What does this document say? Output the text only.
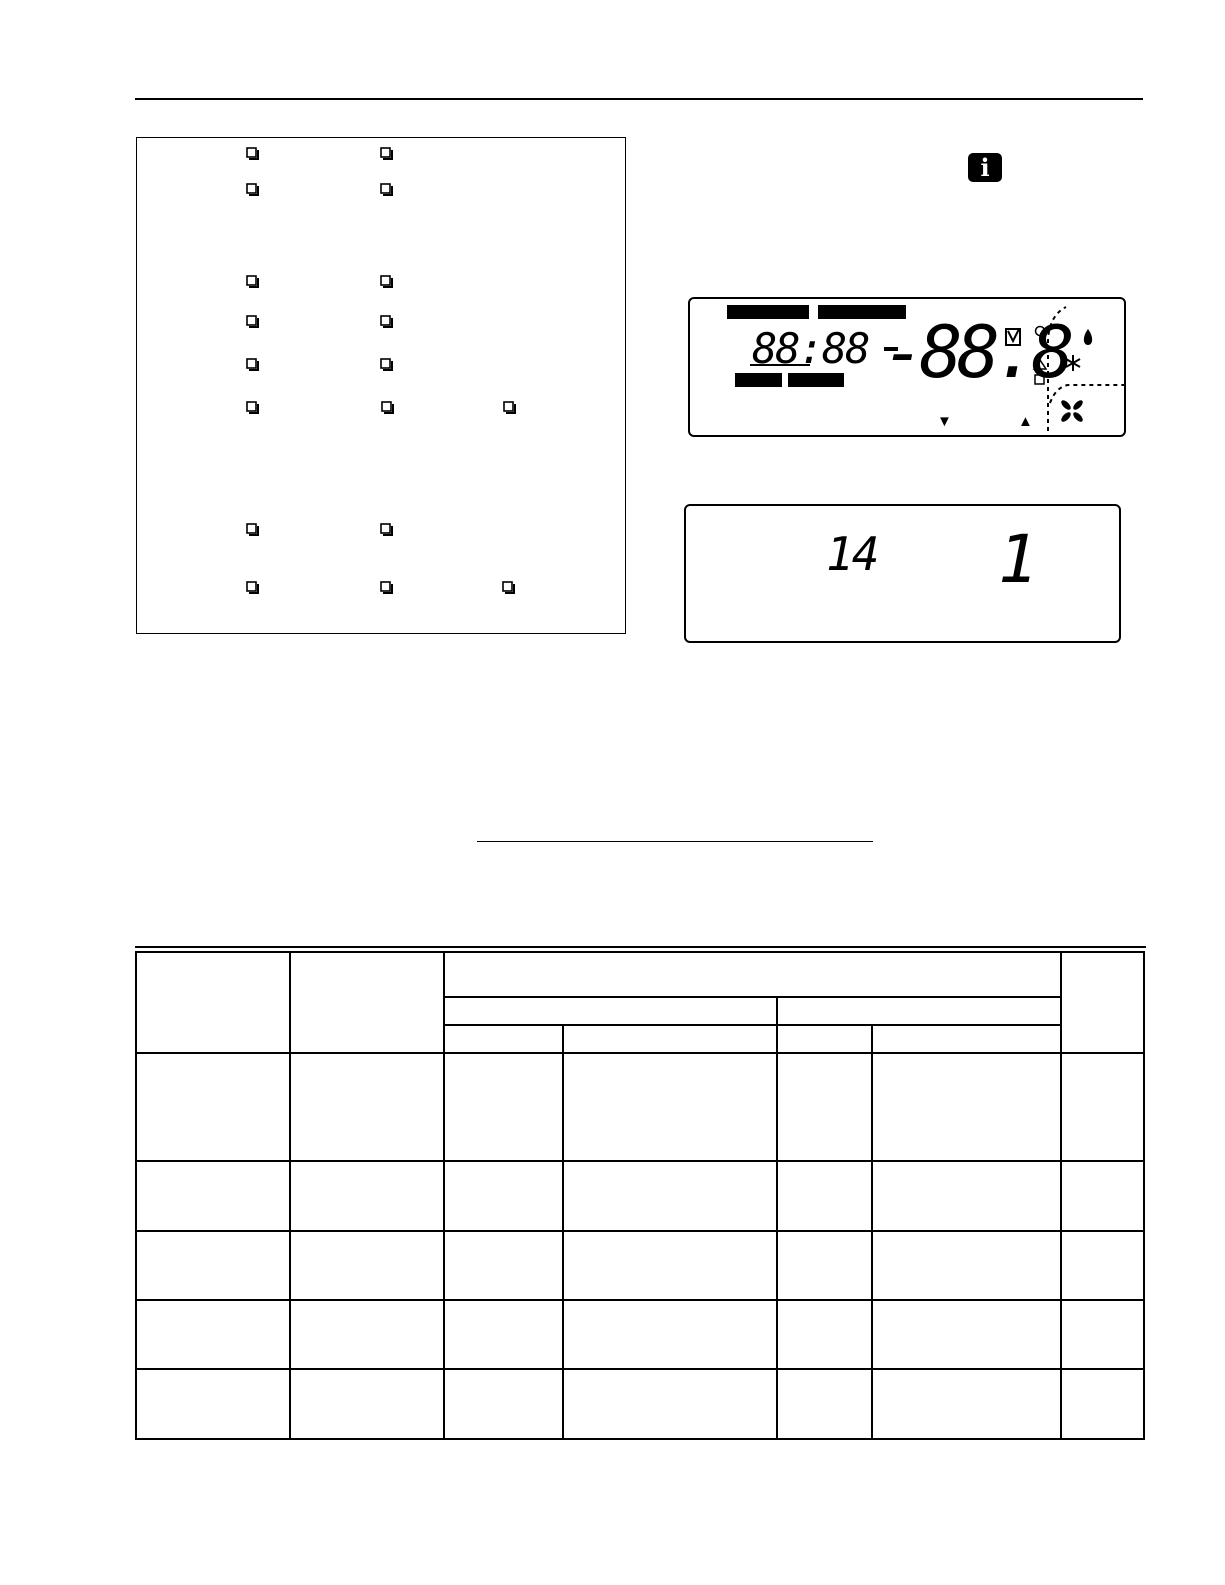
i
88:88 -88.8
▼	▲
14 1
